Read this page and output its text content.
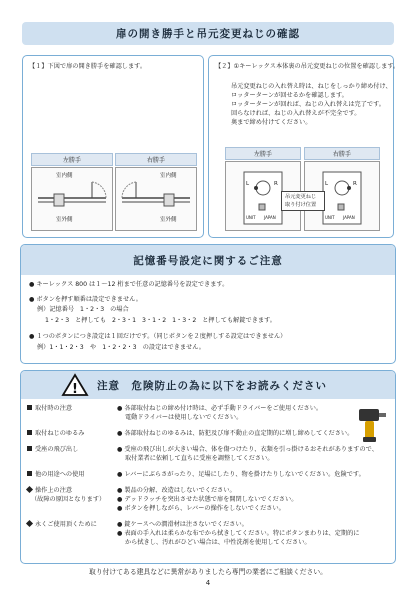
扉の開き勝手と吊元変更ねじの確認
【１】下図で扉の開き勝手を確認します。
左勝手	右勝手
室内側
室外側
室内側
室外側
【２】①キーレックス本体裏の吊元変更ねじの位置を確認します。
吊元変更ねじの入れ替え時は、ねじをしっかり締め付け、
ロッターターンが回せるかを確認します。
ロッターターンが回れば、ねじの入れ替えは完了です。
回らなければ、ねじの入れ替えが不完全です。
奥まで締め付けてください。
左勝手	右勝手
L	R
UNIT JAPAN
L	R
UNIT JAPAN
吊元変更ねじ
取り付け位置
記憶番号設定に関するご注意
● キーレックス 800 は１～12 桁まで任意の記憶番号を設定できます。
● ボタンを押す順番は設定できません。
例）記憶番号 1・2・3 の場合
1・2・3 と押しても 2・3・1 3・1・2 1・3・2 と押しても解錠できます。
● １つのボタンにつき設定は１回だけです。（同じボタンを２度押しする設定はできません）
例）1・1・2・3　や　1・2・2・3　の設定はできません。
! 注意　危険防止の為に以下をお読みください
取付時の注意	● 各部取付ねじの締め付け時は、必ず手動ドライバーをご使用ください。
電動ドライバーは使用しないでください。
取付ねじのゆるみ	● 各部取付ねじのゆるみは、防犯及び扉不動止の直定期的に増し締めしてください。
受座の飛び出し	● 受座の飛び出しが大きい場合、体を傷つけたり、衣類を引っ掛けるおそれがありますので、
取付業者に依頼して直ちに受座を調整してください。
他の用途への使用	● レバーにぶらさがったり、足場にしたり、物を掛けたりしないでください。危険です。
操作上の注意
（故障の原因となります）
● 製品の分解、改造はしないでください。
● デッドラッチを突出させた状態で扉を開閉しないでください。
● ボタンを押しながら、レバーの操作をしないでください。
永くご使用頂くために	● 錠ケースへの潤滑材は注さないでください。
● 表面の手入れは柔らかな布でから拭きしてください。特にボタンまわりは、定期的に
から拭きし、汚れがひどい場合は、中性洗剤を使用してください。
取り付けてある建具などに異常がありましたら専門の業者にご相談ください。
4
